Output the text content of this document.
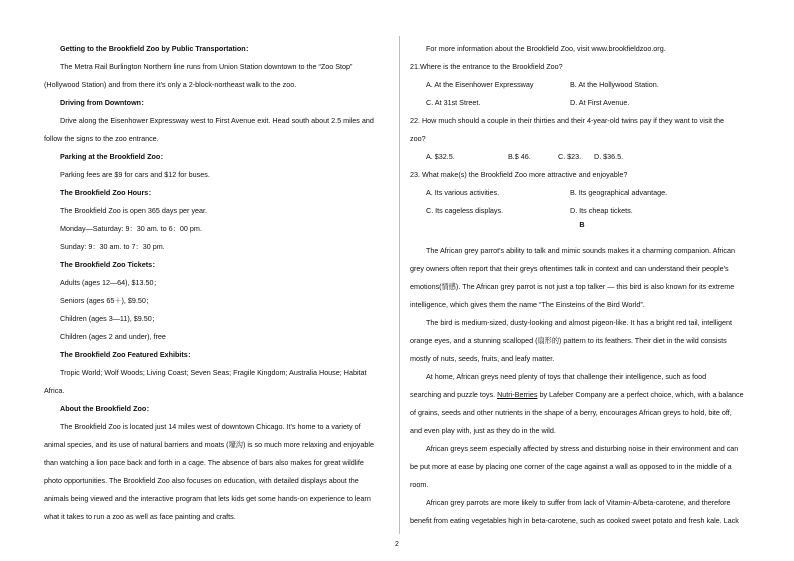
Getting to the Brookfield Zoo by Public Transportation：

The Metra Rail Burlington Northern line runs from Union Station downtown to the “Zoo Stop”

(Hollywood Station) and from there it's only a 2-block-northeast walk to the zoo.

Driving from Downtown：

Drive along the Eisenhower Expressway west to First Avenue exit. Head south about 2.5 miles and

follow the signs to the zoo entrance.

Parking at the Brookfield Zoo：

Parking fees are $9 for cars and $12 for buses.

The Brookfield Zoo Hours：

The Brookfield Zoo is open 365 days per year.

Monday—Saturday: 9：30 am. to 6：00 pm.

Sunday: 9：30 am. to 7：30 pm.

The Brookfield Zoo Tickets：

Adults (ages 12—64), $13.50；

Seniors (ages 65＋), $9.50；

Children (ages 3—11), $9.50；

Children (ages 2 and under), free

The Brookfield Zoo Featured Exhibits：

Tropic World; Wolf Woods; Living Coast; Seven Seas; Fragile Kingdom; Australia House; Habitat

Africa.

About the Brookfield Zoo：

The Brookfield Zoo is located just 14 miles west of downtown Chicago. It's home to a variety of

animal species, and its use of natural barriers and moats (壕沟) is so much more relaxing and enjoyable

than watching a lion pace back and forth in a cage. The absence of bars also makes for great wildlife

photo opportunities. The Brookfield Zoo also focuses on education, with detailed displays about the

animals being viewed and the interactive program that lets kids get some hands-on experience to learn

what it takes to run a zoo as well as face painting and crafts.

For more information about the Brookfield Zoo, visit www.brookfieldzoo.org.

21.Where is the entrance to the Brookfield Zoo?

A. At the Eisenhower Expressway	B. At the Hollywood Station.
C. At 31st Street.	D. At First Avenue.

22. How much should a couple in their thirties and their 4-year-old twins pay if they want to visit the

zoo?

A. $32.5.	B.$ 46.	C. $23.	D. $36.5.

23. What make(s) the Brookfield Zoo more attractive and enjoyable?

A. Its various activities.	B. Its geographical advantage.
C. Its cageless displays.	D. Its cheap tickets.

B

The African grey parrot's ability to talk and mimic sounds makes it a charming companion. African

grey owners often report that their greys oftentimes talk in context and can understand their people's

emotions(情感). The African grey parrot is not just a top talker — this bird is also known for its extreme

intelligence, which gives them the name “The Einsteins of the Bird World”.

The bird is medium-sized, dusty-looking and almost pigeon-like. It has a bright red tail, intelligent

orange eyes, and a stunning scalloped (扇形的) pattern to its feathers. Their diet in the wild consists

mostly of nuts, seeds, fruits, and leafy matter.

At home, African greys need plenty of toys that challenge their intelligence, such as food

searching and puzzle toys. Nutri-Berries by Lafeber Company are a perfect choice, which, with a balance

of grains, seeds and other nutrients in the shape of a berry, encourages African greys to hold, bite off,

and even play with, just as they do in the wild.

African greys seem especially affected by stress and disturbing noise in their environment and can

be put more at ease by placing one corner of the cage against a wall as opposed to in the middle of a

room.

African grey parrots are more likely to suffer from lack of Vitamin-A/beta-carotene, and therefore

benefit from eating vegetables high in beta-carotene, such as cooked sweet potato and fresh kale. Lack

2
